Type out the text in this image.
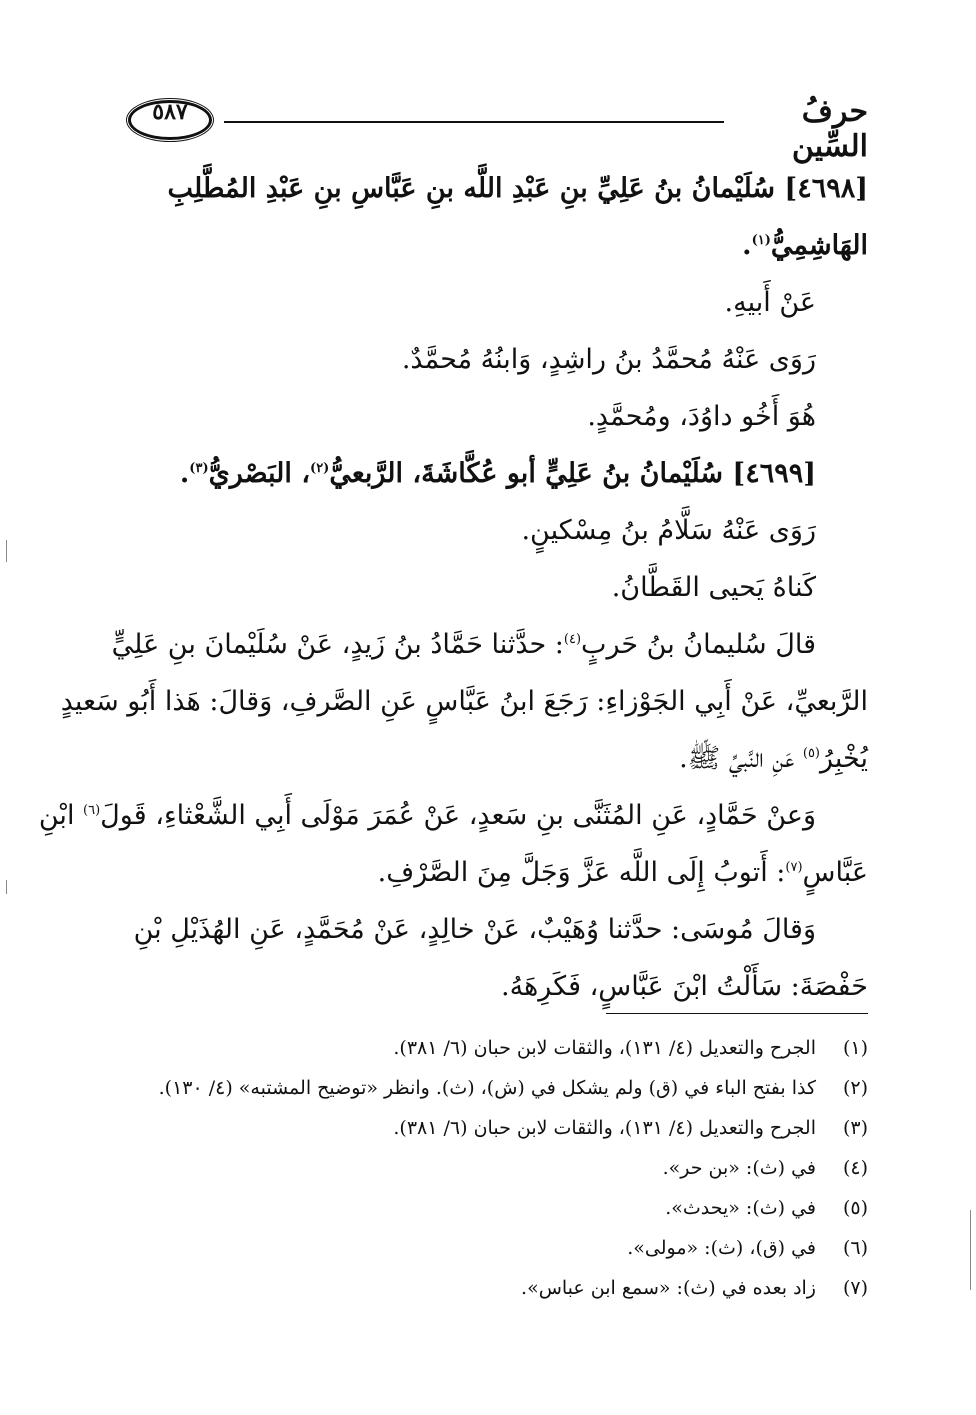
٥٨٧	حرفُ السِّين

[٤٦٩٨] سُلَيْمانُ بنُ عَلِيِّ بنِ عَبْدِ اللَّه بنِ عَبَّاسِ بنِ عَبْدِ المُطَّلِبِ

الهَاشِمِيُّ$^{(١)}$.

عَنْ أَبيهِ.

رَوَى عَنْهُ مُحمَّدُ بنُ راشِدٍ، وَابنُهُ مُحمَّدٌ.

هُوَ أَخُو داوُدَ، ومُحمَّدٍ.

[٤٦٩٩] سُلَيْمانُ بنُ عَلِيٍّ أبو عُكَّاشَةَ، الرَّبعيُّ$^{(٢)}$، البَصْريُّ$^{(٣)}$.

رَوَى عَنْهُ سَلَّامُ بنُ مِسْكينٍ.

كَناهُ يَحيى القَطَّانُ.

قالَ سُليمانُ بنُ حَربٍ$^{(٤)}$: حدَّثنا حَمَّادُ بنُ زَيدٍ، عَنْ سُلَيْمانَ بنِ عَلِيٍّ

الرَّبعيِّ، عَنْ أَبِي الجَوْزاءِ: رَجَعَ ابنُ عَبَّاسٍ عَنِ الصَّرفِ، وَقالَ: هَذا أَبُو سَعيدٍ

يُخْبِرُ$^{(٥)}$ عَنِ النَّبيِّ ﷺ.

وَعنْ حَمَّادٍ، عَنِ المُثَنَّى بنِ سَعدٍ، عَنْ عُمَرَ مَوْلَى أَبِي الشَّعْثاءِ، قَولَ$^{(٦)}$ ابْنِ

عَبَّاسٍ$^{(٧)}$: أَتوبُ إِلَى اللَّه عَزَّ وَجَلَّ مِنَ الصَّرْفِ.

وَقالَ مُوسَى: حدَّثنا وُهَيْبٌ، عَنْ خالِدٍ، عَنْ مُحَمَّدٍ، عَنِ الهُذَيْلِ بْنِ

حَفْصَةَ: سَأَلْتُ ابْنَ عَبَّاسٍ، فَكَرِهَهُ.

(١)الجرح والتعديل (٤/ ١٣١)، والثقات لابن حبان (٦/ ٣٨١).

(٢)كذا بفتح الباء في (ق) ولم يشكل في (ش)، (ث). وانظر «توضيح المشتبه» (٤/ ١٣٠).

(٣)الجرح والتعديل (٤/ ١٣١)، والثقات لابن حبان (٦/ ٣٨١).

(٤)في (ث): «بن حر».

(٥)في (ث): «يحدث».

(٦)في (ق)، (ث): «مولى».

(٧)زاد بعده في (ث): «سمع ابن عباس».
